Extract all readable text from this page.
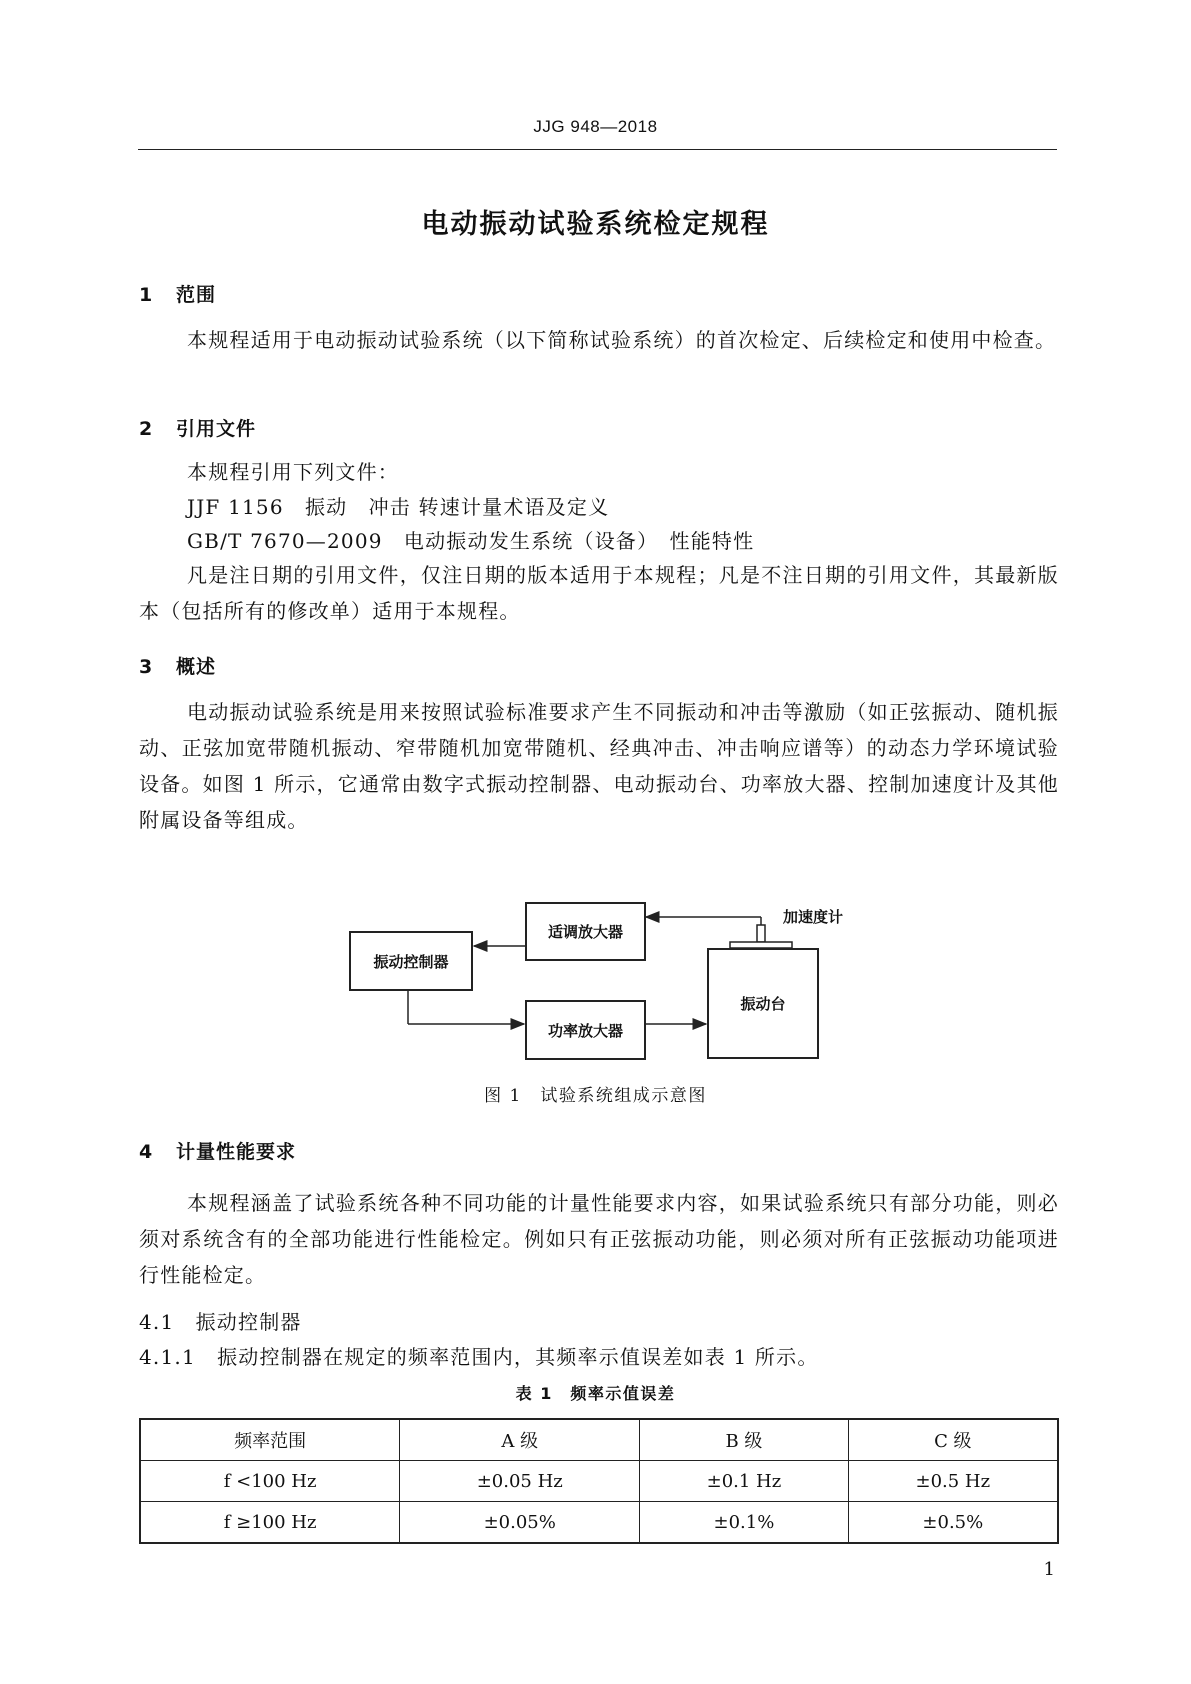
JJG 948—2018
电动振动试验系统检定规程
1 范围
本规程适用于电动振动试验系统（以下简称试验系统）的首次检定、后续检定和使用中检查。
2 引用文件
本规程引用下列文件：
JJF 1156　振动　冲击 转速计量术语及定义
GB/T 7670—2009　电动振动发生系统（设备）　性能特性
凡是注日期的引用文件，仅注日期的版本适用于本规程；凡是不注日期的引用文件，其最新版本（包括所有的修改单）适用于本规程。
3 概述
电动振动试验系统是用来按照试验标准要求产生不同振动和冲击等激励（如正弦振动、随机振动、正弦加宽带随机振动、窄带随机加宽带随机、经典冲击、冲击响应谱等）的动态力学环境试验设备。如图 1 所示，它通常由数字式振动控制器、电动振动台、功率放大器、控制加速度计及其他附属设备等组成。
振动控制器
适调放大器
功率放大器
振动台
加速度计
图 1　试验系统组成示意图
4 计量性能要求
本规程涵盖了试验系统各种不同功能的计量性能要求内容，如果试验系统只有部分功能，则必须对系统含有的全部功能进行性能检定。例如只有正弦振动功能，则必须对所有正弦振动功能项进行性能检定。
4.1　振动控制器
4.1.1　振动控制器在规定的频率范围内，其频率示值误差如表 1 所示。
表 1　频率示值误差
频率范围	A 级	B 级	C 级
f <100 Hz	±0.05 Hz	±0.1 Hz	±0.5 Hz
f ≥100 Hz	±0.05%	±0.1%	±0.5%
1
